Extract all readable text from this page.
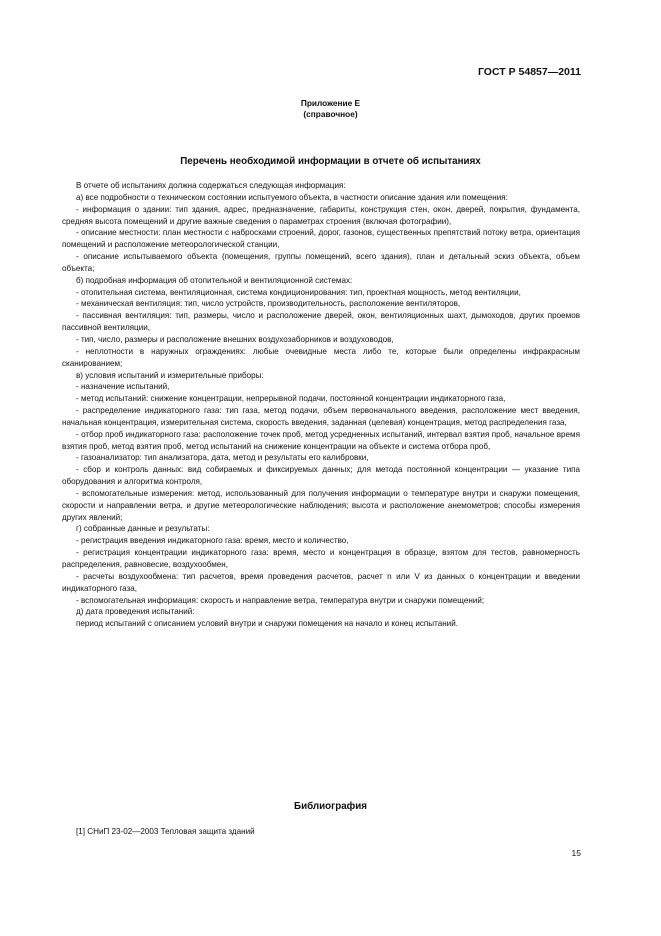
ГОСТ Р 54857—2011
Приложение Е
(справочное)
Перечень необходимой информации в отчете об испытаниях

В отчете об испытаниях должна содержаться следующая информация:

а) все подробности о техническом состоянии испытуемого объекта, в частности описание здания или помещения:

- информация о здании: тип здания, адрес, предназначение, габариты, конструкция стен, окон, дверей, покрытия, фундамента, средняя высота помещений и другие важные сведения о параметрах строения (включая фотографии),

- описание местности: план местности с набросками строений, дорог, газонов, существенных препятствий потоку ветра, ориентация помещений и расположение метеорологической станции,

- описание испытываемого объекта (помещения, группы помещений, всего здания), план и детальный эскиз объекта, объем объекта;

б) подробная информация об отопительной и вентиляционной системах:

- отопительная система, вентиляционная, система кондиционирования: тип, проектная мощность, метод вентиляции,

- механическая вентиляция: тип, число устройств, производительность, расположение вентиляторов,

- пассивная вентиляция: тип, размеры, число и расположение дверей, окон, вентиляционных шахт, дымоходов, других проемов пассивной вентиляции,

- тип, число, размеры и расположение внешних воздухозаборников и воздуховодов,

- неплотности в наружных ограждениях: любые очевидные места либо те, которые были определены инфракрасным сканированием;

в) условия испытаний и измерительные приборы:

- назначение испытаний,

- метод испытаний: снижение концентрации, непрерывной подачи, постоянной концентрации индикаторного газа,

- распределение индикаторного газа: тип газа, метод подачи, объем первоначального введения, расположение мест введения, начальная концентрация, измерительная система, скорость введения, заданная (целевая) концентрация, метод распределения газа,

- отбор проб индикаторного газа: расположение точек проб, метод усредненных испытаний, интервал взятия проб, начальное время взятия проб, метод взятия проб, метод испытаний на снижение концентрации на объекте и система отбора проб,

- газоанализатор: тип анализатора, дата, метод и результаты его калибровки,

- сбор и контроль данных: вид собираемых и фиксируемых данных; для метода постоянной концентрации — указание типа оборудования и алгоритма контроля,

- вспомогательные измерения: метод, использованный для получения информации о температуре внутри и снаружи помещения, скорости и направлении ветра, и другие метеорологические наблюдения; высота и расположение анемометров; способы измерения других явлений;

г) собранные данные и результаты:

- регистрация введения индикаторного газа: время, место и количество,

- регистрация концентрации индикаторного газа: время, место и концентрация в образце, взятом для тестов, равномерность распределения, равновесие, воздухообмен,

- расчеты воздухообмена: тип расчетов, время проведения расчетов, расчет n или V из данных о концентрации и введении индикаторного газа,

- вспомогательная информация: скорость и направление ветра, температура внутри и снаружи помещений;

д) дата проведения испытаний:

период испытаний с описанием условий внутри и снаружи помещения на начало и конец испытаний.

Библиография
[1] СНиП 23-02—2003 Тепловая защита зданий
15
